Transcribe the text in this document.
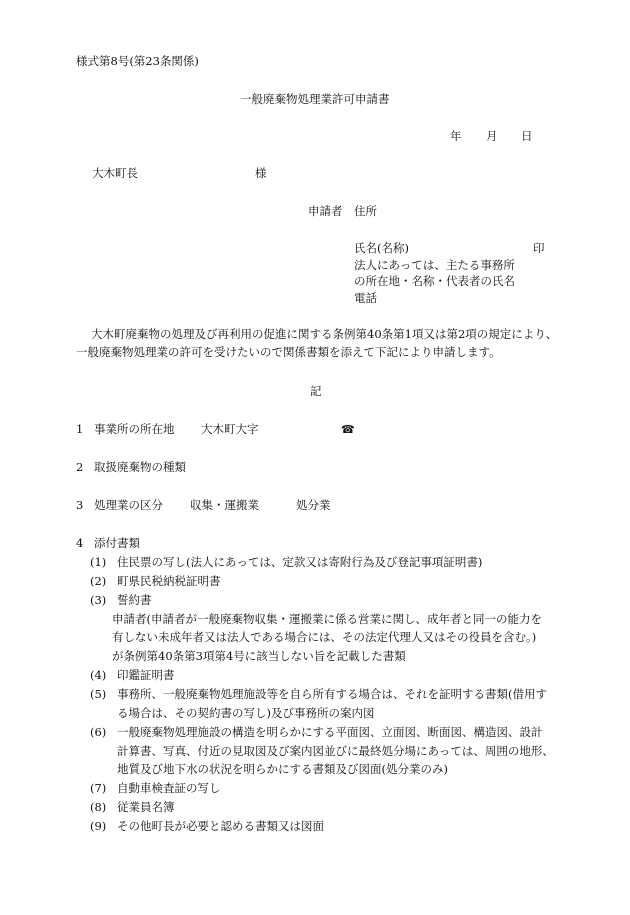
様式第8号(第23条関係)
一般廃棄物処理業許可申請書
年 月 日
大木町長	様
申請者 住所
氏名(名称)	印
法人にあっては、主たる事務所
の所在地・名称・代表者の氏名
電話
大木町廃棄物の処理及び再利用の促進に関する条例第40条第1項又は第2項の規定により、
一般廃棄物処理業の許可を受けたいので関係書類を添えて下記により申請します。
記
1 事業所の所在地 大木町大字	☎
2 取扱廃棄物の種類
3 処理業の区分 収集・運搬業	処分業
4 添付書類
(1) 住民票の写し(法人にあっては、定款又は寄附行為及び登記事項証明書)
(2) 町県民税納税証明書
(3) 誓約書
申請者(申請者が一般廃棄物収集・運搬業に係る営業に関し、成年者と同一の能力を
有しない未成年者又は法人である場合には、その法定代理人又はその役員を含む。)
が条例第40条第3項第4号に該当しない旨を記載した書類
(4) 印鑑証明書
(5) 事務所、一般廃棄物処理施設等を自ら所有する場合は、それを証明する書類(借用す
る場合は、その契約書の写し)及び事務所の案内図
(6) 一般廃棄物処理施設の構造を明らかにする平面図、立面図、断面図、構造図、設計
計算書、写真、付近の見取図及び案内図並びに最終処分場にあっては、周囲の地形、
地質及び地下水の状況を明らかにする書類及び図面(処分業のみ)
(7) 自動車検査証の写し
(8) 従業員名簿
(9) その他町長が必要と認める書類又は図面
